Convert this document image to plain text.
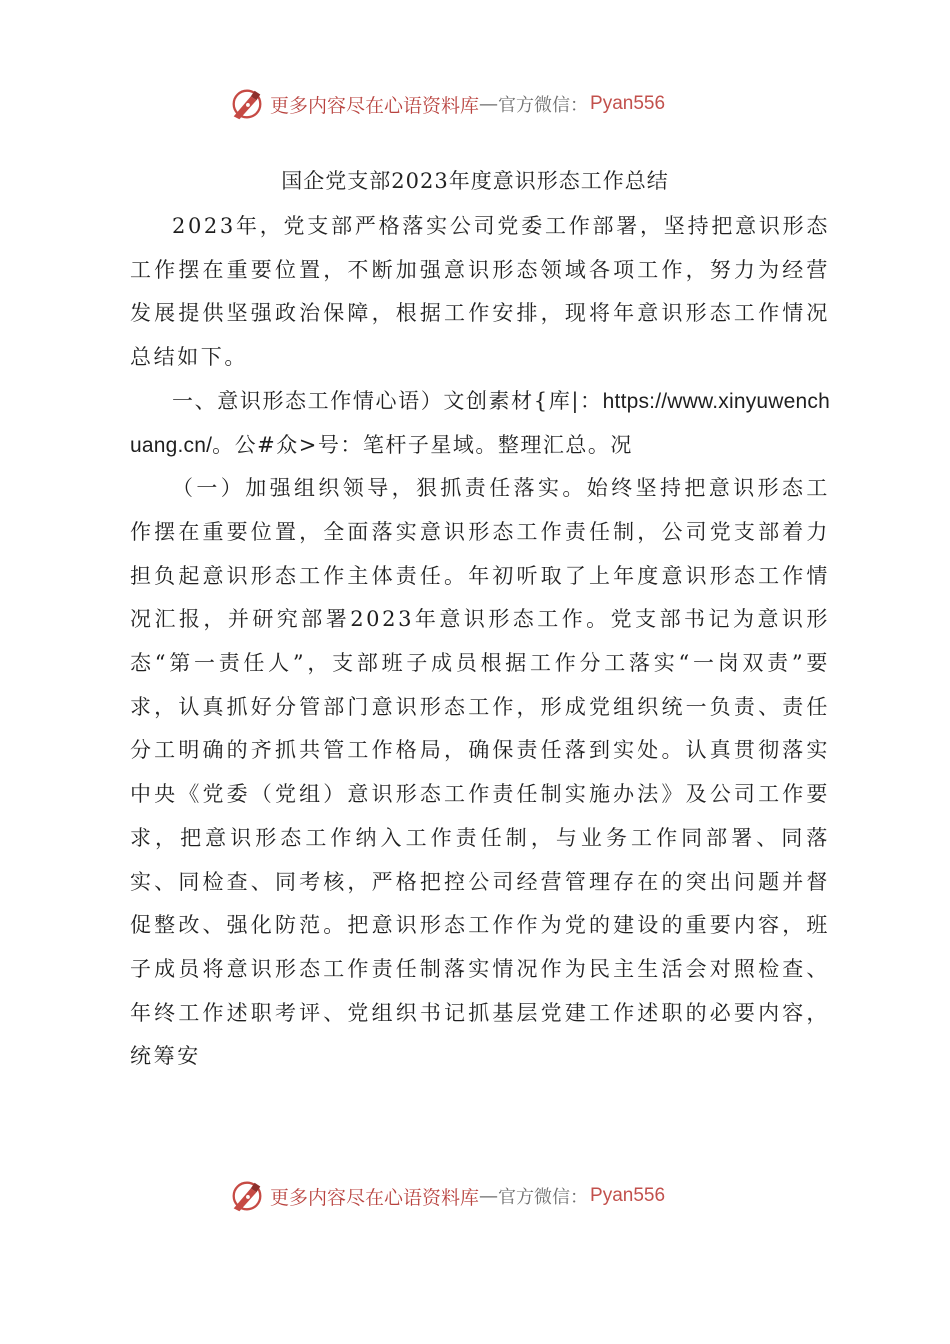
更多内容尽在心语资料库 — 官方微信： Pyan556
国企党支部2023年度意识形态工作总结

2023年，党支部严格落实公司党委工作部署，坚持把意识形态工作摆在重要位置，不断加强意识形态领域各项工作，努力为经营发展提供坚强政治保障，根据工作安排，现将年意识形态工作情况总结如下。

一、意识形态工作情心语）文创素材{库|：https://www.xinyuwenchuang.cn/。公#众>号：笔杆子星域。整理汇总。况

（一）加强组织领导，狠抓责任落实。始终坚持把意识形态工作摆在重要位置，全面落实意识形态工作责任制，公司党支部着力担负起意识形态工作主体责任。年初听取了上年度意识形态工作情况汇报，并研究部署2023年意识形态工作。党支部书记为意识形态“第一责任人”，支部班子成员根据工作分工落实“一岗双责”要求，认真抓好分管部门意识形态工作，形成党组织统一负责、责任分工明确的齐抓共管工作格局，确保责任落到实处。认真贯彻落实中央《党委（党组）意识形态工作责任制实施办法》及公司工作要求，把意识形态工作纳入工作责任制，与业务工作同部署、同落实、同检查、同考核，严格把控公司经营管理存在的突出问题并督促整改、强化防范。把意识形态工作作为党的建设的重要内容，班子成员将意识形态工作责任制落实情况作为民主生活会对照检查、年终工作述职考评、党组织书记抓基层党建工作述职的必要内容，统筹安

更多内容尽在心语资料库 — 官方微信： Pyan556
